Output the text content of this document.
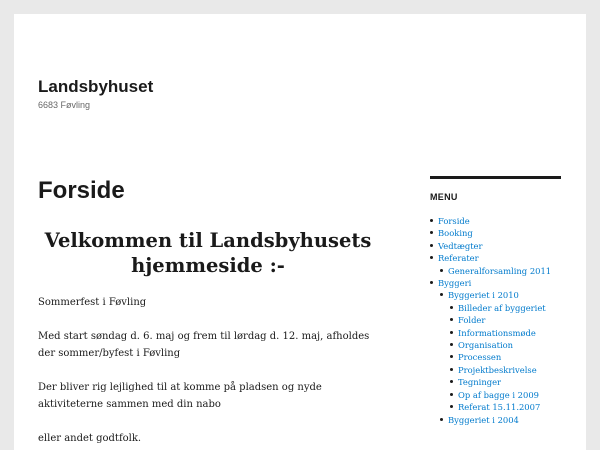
Landsbyhuset
6683 Føvling
Forside
Velkommen til Landsbyhusets hjemmeside :-

Sommerfest i Føvling

Med start søndag d. 6. maj og frem til lørdag d. 12. maj, afholdes der sommer/byfest i Føvling

Der bliver rig lejlighed til at komme på pladsen og nyde aktiviteterne sammen med din nabo

eller andet godtfolk.

MENU
Forside
Booking
Vedtægter
Referater
Generalforsamling 2011
Byggeri
Byggeriet i 2010
Billeder af byggeriet
Folder
Informationsmøde
Organisation
Processen
Projektbeskrivelse
Tegninger
Op af bagge i 2009
Referat 15.11.2007
Byggeriet i 2004
